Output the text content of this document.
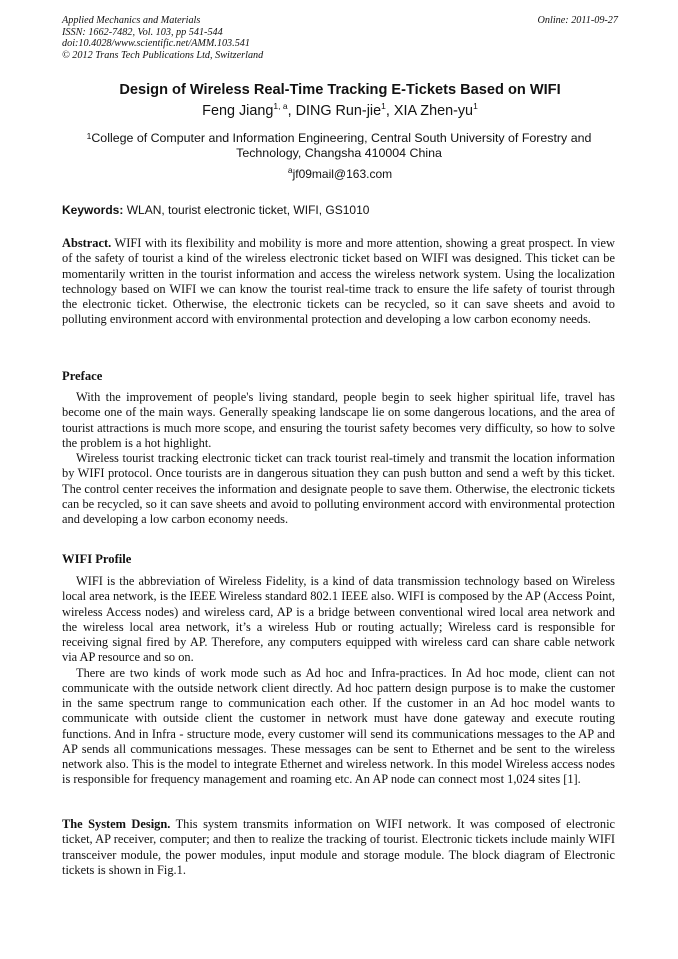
Applied Mechanics and Materials
ISSN: 1662-7482, Vol. 103, pp 541-544
doi:10.4028/www.scientific.net/AMM.103.541
© 2012 Trans Tech Publications Ltd, Switzerland
Online: 2011-09-27
Design of Wireless Real-Time Tracking E-Tickets Based on WIFI
Feng Jiang$^{1, a}$, DING Run-jie$^1$, XIA Zhen-$yu^1$
$^1$College of Computer and Information Engineering, Central South University of Forestry and Technology, Changsha 410004 China
$^a$jf09mail@163.com
Keywords: WLAN, tourist electronic ticket, WIFI, GS1010

Abstract. WIFI with its flexibility and mobility is more and more attention, showing a great prospect. In view of the safety of tourist a kind of the wireless electronic ticket based on WIFI was designed. This ticket can be momentarily written in the tourist information and access the wireless network system. Using the localization technology based on WIFI we can know the tourist real-time track to ensure the life safety of tourist through the electronic ticket. Otherwise, the electronic tickets can be recycled, so it can save sheets and avoid to polluting environment accord with environmental protection and developing a low carbon economy needs.

Preface

With the improvement of people's living standard, people begin to seek higher spiritual life, travel has become one of the main ways. Generally speaking landscape lie on some dangerous locations, and the area of tourist attractions is much more scope, and ensuring the tourist safety becomes very difficulty, so how to solve the problem is a hot highlight.

Wireless tourist tracking electronic ticket can track tourist real-timely and transmit the location information by WIFI protocol. Once tourists are in dangerous situation they can push button and send a weft by this ticket. The control center receives the information and designate people to save them. Otherwise, the electronic tickets can be recycled, so it can save sheets and avoid to polluting environment accord with environmental protection and developing a low carbon economy needs.

WIFI Profile

WIFI is the abbreviation of Wireless Fidelity, is a kind of data transmission technology based on Wireless local area network, is the IEEE Wireless standard 802.1 IEEE also. WIFI is composed by the AP (Access Point, wireless Access nodes) and wireless card, AP is a bridge between conventional wired local area network and the wireless local area network, it’s a wireless Hub or routing actually; Wireless card is responsible for receiving signal fired by AP. Therefore, any computers equipped with wireless card can share cable network via AP resource and so on.

There are two kinds of work mode such as Ad hoc and Infra-practices. In Ad hoc mode, client can not communicate with the outside network client directly. Ad hoc pattern design purpose is to make the customer in the same spectrum range to communication each other. If the customer in an Ad hoc model wants to communicate with outside client the customer in network must have done gateway and execute routing functions. And in Infra - structure mode, every customer will send its communications messages to the AP and AP sends all communications messages. These messages can be sent to Ethernet and be sent to the wireless network also. This is the model to integrate Ethernet and wireless network. In this model Wireless access nodes is responsible for frequency management and roaming etc. An AP node can connect most 1,024 sites [1].

The System Design. This system transmits information on WIFI network. It was composed of electronic ticket, AP receiver, computer; and then to realize the tracking of tourist. Electronic tickets include mainly WIFI transceiver module, the power modules, input module and storage module. The block diagram of Electronic tickets is shown in Fig.1.
